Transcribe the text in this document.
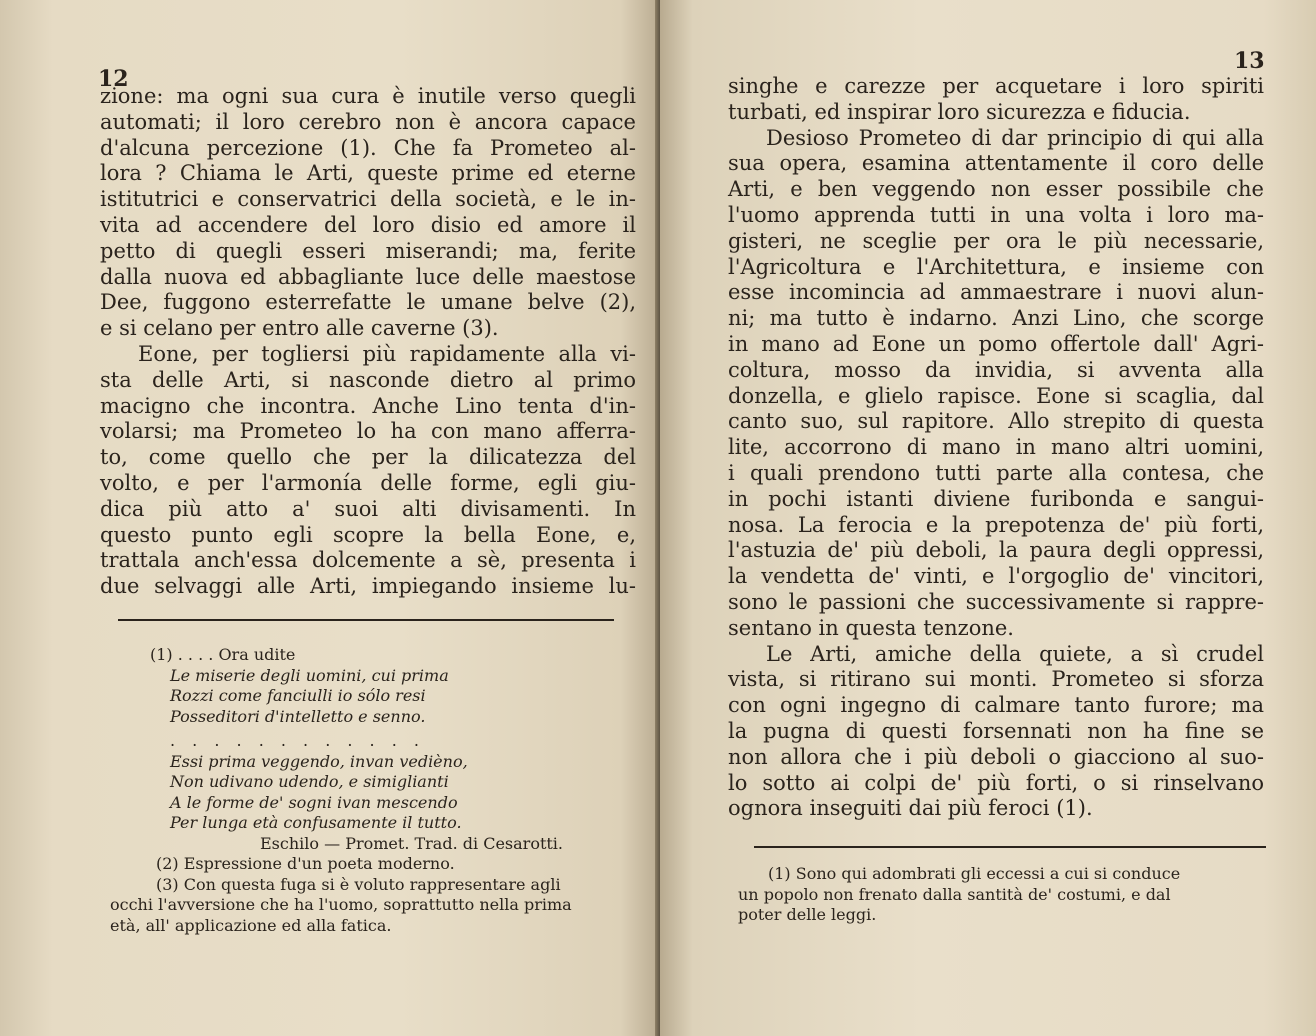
12
zione: ma ogni sua cura è inutile verso quegli
automati; il loro cerebro non è ancora capace
d'alcuna percezione (1). Che fa Prometeo al-
lora ? Chiama le Arti, queste prime ed eterne
istitutrici e conservatrici della società, e le in-
vita ad accendere del loro disio ed amore il
petto di quegli esseri miserandi; ma, ferite
dalla nuova ed abbagliante luce delle maestose
Dee, fuggono esterrefatte le umane belve (2),
e si celano per entro alle caverne (3).
Eone, per togliersi più rapidamente alla vi-
sta delle Arti, si nasconde dietro al primo
macigno che incontra. Anche Lino tenta d'in-
volarsi; ma Prometeo lo ha con mano afferra-
to, come quello che per la dilicatezza del
volto, e per l'armonía delle forme, egli giu-
dica più atto a' suoi alti divisamenti. In
questo punto egli scopre la bella Eone, e,
trattala anch'essa dolcemente a sè, presenta i
due selvaggi alle Arti, impiegando insieme lu-
(1) . . . . Ora udite
Le miserie degli uomini, cui prima
Rozzi come fanciulli io sólo resi
Posseditori d'intelletto e senno.
. . . . . . . . . . . .
Essi prima veggendo, invan vedièno,
Non udivano udendo, e simiglianti
A le forme de' sogni ivan mescendo
Per lunga età confusamente il tutto.
Eschilo — Promet. Trad. di Cesarotti.
(2) Espressione d'un poeta moderno.
(3) Con questa fuga si è voluto rappresentare agli
occhi l'avversione che ha l'uomo, soprattutto nella prima
età, all' applicazione ed alla fatica.
13
singhe e carezze per acquetare i loro spiriti
turbati, ed inspirar loro sicurezza e fiducia.
Desioso Prometeo di dar principio di qui alla
sua opera, esamina attentamente il coro delle
Arti, e ben veggendo non esser possibile che
l'uomo apprenda tutti in una volta i loro ma-
gisteri, ne sceglie per ora le più necessarie,
l'Agricoltura e l'Architettura, e insieme con
esse incomincia ad ammaestrare i nuovi alun-
ni; ma tutto è indarno. Anzi Lino, che scorge
in mano ad Eone un pomo offertole dall' Agri-
coltura, mosso da invidia, si avventa alla
donzella, e glielo rapisce. Eone si scaglia, dal
canto suo, sul rapitore. Allo strepito di questa
lite, accorrono di mano in mano altri uomini,
i quali prendono tutti parte alla contesa, che
in pochi istanti diviene furibonda e sangui-
nosa. La ferocia e la prepotenza de' più forti,
l'astuzia de' più deboli, la paura degli oppressi,
la vendetta de' vinti, e l'orgoglio de' vincitori,
sono le passioni che successivamente si rappre-
sentano in questa tenzone.
Le Arti, amiche della quiete, a sì crudel
vista, si ritirano sui monti. Prometeo si sforza
con ogni ingegno di calmare tanto furore; ma
la pugna di questi forsennati non ha fine se
non allora che i più deboli o giacciono al suo-
lo sotto ai colpi de' più forti, o si rinselvano
ognora inseguiti dai più feroci (1).
(1) Sono qui adombrati gli eccessi a cui si conduce
un popolo non frenato dalla santità de' costumi, e dal
poter delle leggi.
